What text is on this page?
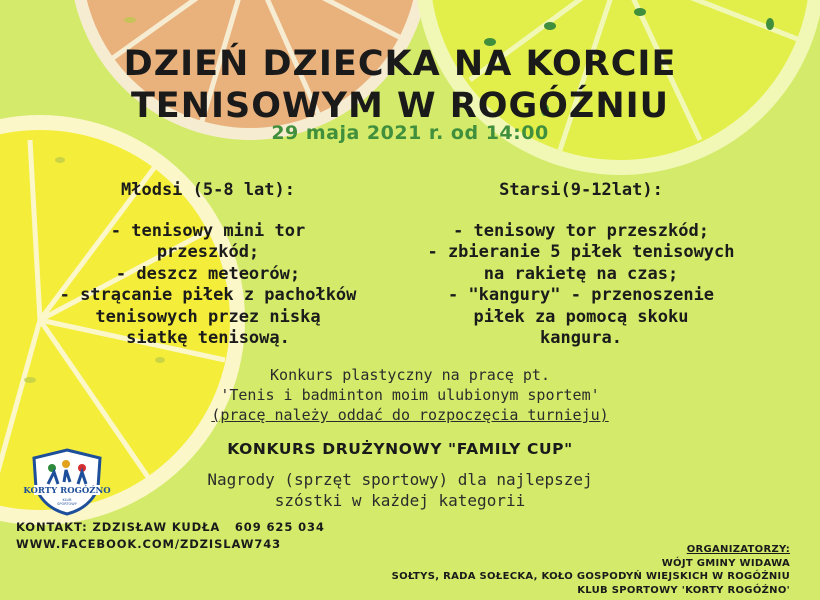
DZIEŃ DZIECKA NA KORCIE
TENISOWYM W ROGÓŹNIU
29 maja 2021 r. od 14:00
Młodsi (5-8 lat):

- tenisowy mini tor

przeszkód;

- deszcz meteorów;

- strącanie piłek z pachołków

tenisowych przez niską

siatkę tenisową.

Starsi(9-12lat):

- tenisowy tor przeszkód;

- zbieranie 5 piłek tenisowych

na rakietę na czas;

- "kangury" - przenoszenie

piłek za pomocą skoku

kangura.

Konkurs plastyczny na pracę pt.
'Tenis i badminton moim ulubionym sportem'
(pracę należy oddać do rozpoczęcia turnieju)
KONKURS DRUŻYNOWY "FAMILY CUP"
Nagrody (sprzęt sportowy) dla najlepszej
szóstki w każdej kategorii
KORTY ROGÓŹNO
KLUB
SPORTOWY
KONTAKT: ZDZISŁAW KUDŁA   609 625 034
WWW.FACEBOOK.COM/ZDZISLAW743	ORGANIZATORZY:
WÓJT GMINY WIDAWA
SOŁTYS, RADA SOŁECKA, KOŁO GOSPODYŃ WIEJSKICH W ROGÓŹNIU
KLUB SPORTOWY 'KORTY ROGÓŹNO'
